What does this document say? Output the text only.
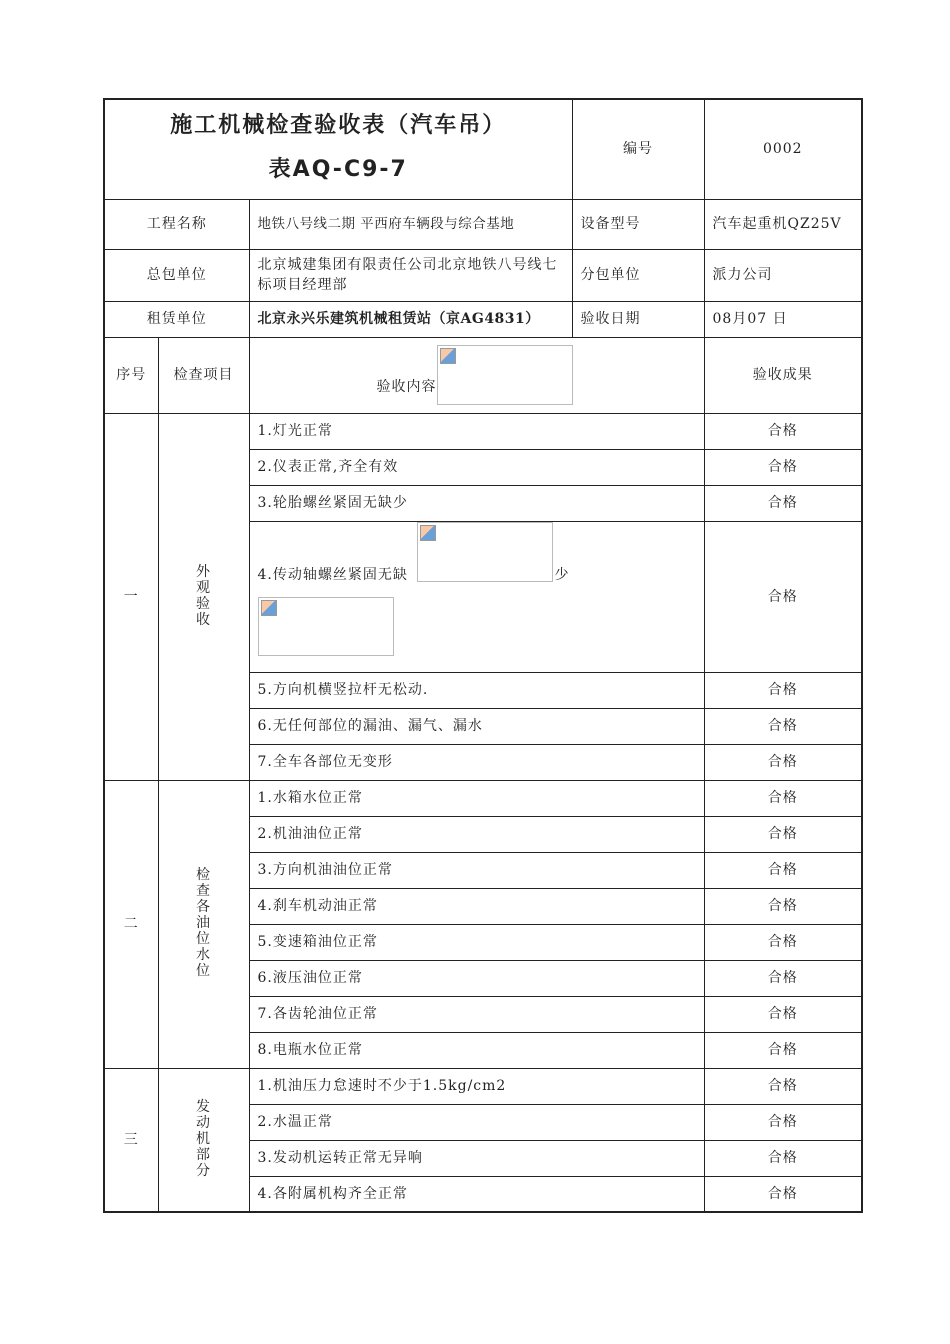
施工机械检查验收表（汽车吊）
表AQ-C9-7			编号	0002
工程名称		地铁八号线二期 平西府车辆段与综合基地	设备型号	汽车起重机QZ25V
总包单位		北京城建集团有限责任公司北京地铁八号线七标项目经理部	分包单位	派力公司
租赁单位		北京永兴乐建筑机械租赁站（京AG4831）	验收日期	08月07 日
序号	检查项目	验收内容		验收成果
一	外观验收	1.灯光正常		合格
		2.仪表正常,齐全有效		合格
		3.轮胎螺丝紧固无缺少		合格

		4.传动轴螺丝紧固无缺 少		合格
		5.方向机横竖拉杆无松动.		合格
		6.无任何部位的漏油、漏气、漏水		合格
		7.全车各部位无变形		合格
二	检查各油位水位	1.水箱水位正常		合格
		2.机油油位正常		合格
		3.方向机油油位正常		合格
		4.刹车机动油正常		合格
		5.变速箱油位正常		合格
		6.液压油位正常		合格
		7.各齿轮油位正常		合格
		8.电瓶水位正常		合格
三	发动机部分	1.机油压力怠速时不少于1.5kg/cm2		合格
		2.水温正常		合格
		3.发动机运转正常无异响		合格
		4.各附属机构齐全正常		合格
